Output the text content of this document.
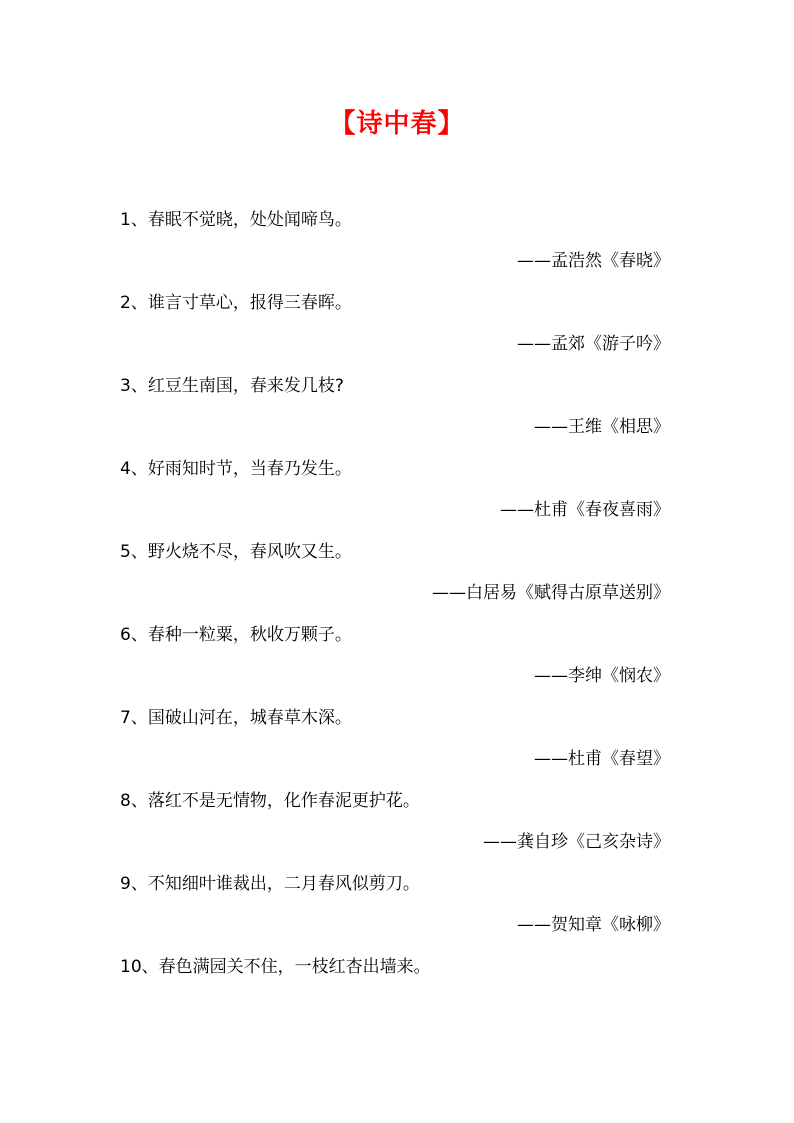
【诗中春】
1、春眠不觉晓，处处闻啼鸟。
——孟浩然《春晓》
2、谁言寸草心，报得三春晖。
——孟郊《游子吟》
3、红豆生南国，春来发几枝?
——王维《相思》
4、好雨知时节，当春乃发生。
——杜甫《春夜喜雨》
5、野火烧不尽，春风吹又生。
——白居易《赋得古原草送别》
6、春种一粒粟，秋收万颗子。
——李绅《悯农》
7、国破山河在，城春草木深。
——杜甫《春望》
8、落红不是无情物，化作春泥更护花。
——龚自珍《己亥杂诗》
9、不知细叶谁裁出，二月春风似剪刀。
——贺知章《咏柳》
10、春色满园关不住，一枝红杏出墙来。
